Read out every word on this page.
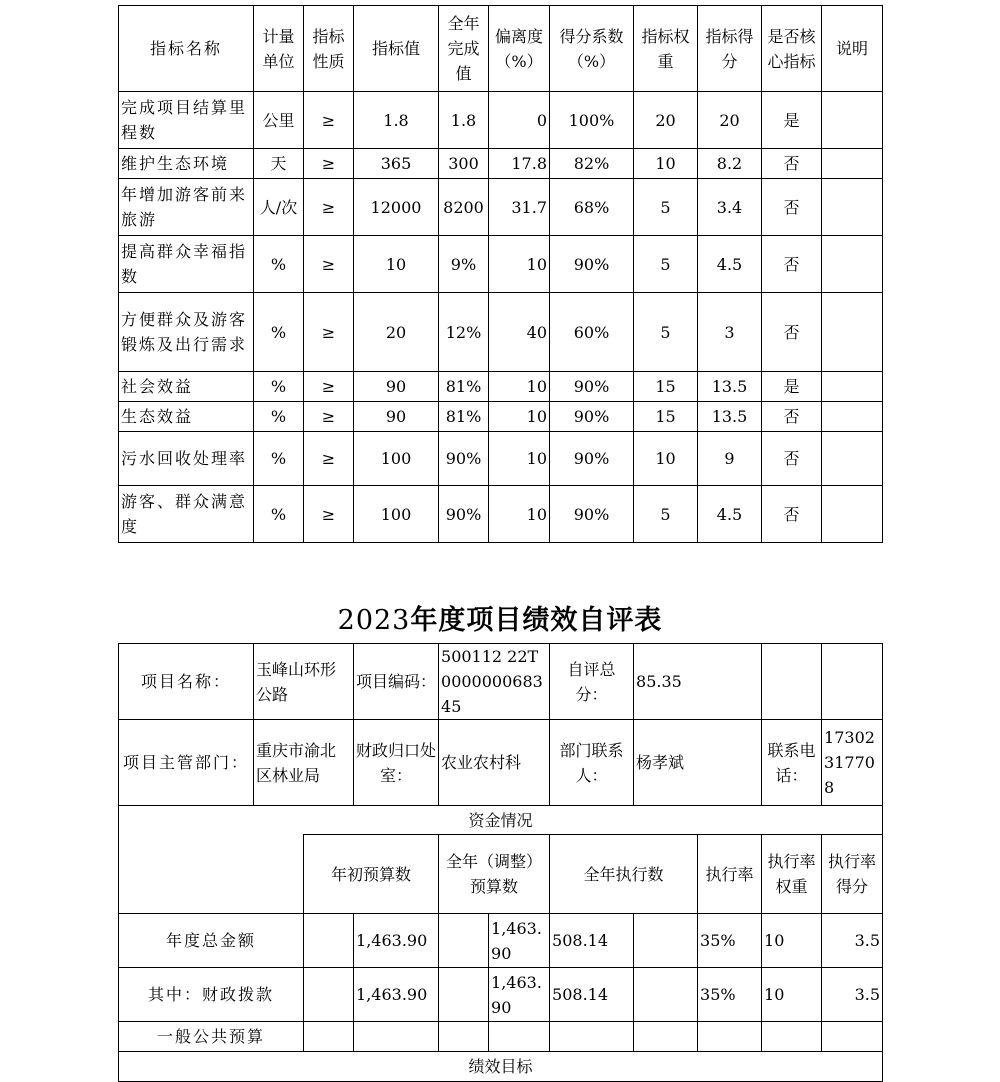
指标名称	计量单位	指标性质	指标值	全年完成值	偏离度（%）	得分系数（%）	指标权重	指标得分	是否核心指标	说明
完成项目结算里程数	公里	≥	1.8	1.8	0	100%	20	20	是	
维护生态环境	天	≥	365	300	17.8	82%	10	8.2	否	
年增加游客前来旅游	人/次	≥	12000	8200	31.7	68%	5	3.4	否	
提高群众幸福指数	%	≥	10	9%	10	90%	5	4.5	否	
方便群众及游客锻炼及出行需求	%	≥	20	12%	40	60%	5	3	否	
社会效益	%	≥	90	81%	10	90%	15	13.5	是	
生态效益	%	≥	90	81%	10	90%	15	13.5	否	
污水回收处理率	%	≥	100	90%	10	90%	10	9	否	
游客、群众满意度	%	≥	100	90%	10	90%	5	4.5	否	
2023年度项目绩效自评表
项目名称：	玉峰山环形公路		项目编码：	500112 22T000000068345		自评总分：	85.35			
项目主管部门：	重庆市渝北区林业局		财政归口处室：	农业农村科		部门联系人：	杨孝斌		联系电话：	17302317708
资金情况										
		年初预算数		全年（调整）预算数		全年执行数		执行率	执行率权重	执行率得分
年度总金额			1,463.90		1,463.90	508.14		35%	10	3.5
其中：财政拨款			1,463.90		1,463.90	508.14		35%	10	3.5
一般公共预算										
绩效目标										
